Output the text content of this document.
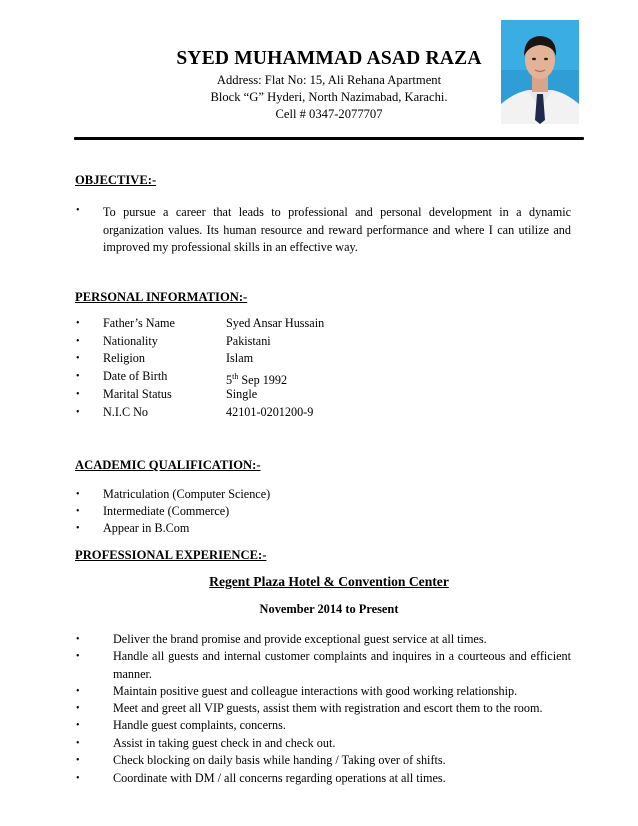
SYED MUHAMMAD ASAD RAZA
Address: Flat No: 15, Ali Rehana Apartment
Block “G” Hyderi, North Nazimabad, Karachi.
Cell # 0347-2077707
OBJECTIVE:-
• To pursue a career that leads to professional and personal development in a dynamic organization values. Its human resource and reward performance and where I can utilize and improved my professional skills in an effective way.
PERSONAL INFORMATION:-
• Father’s Name	Syed Ansar Hussain
• Nationality	Pakistani
• Religion	Islam
• Date of Birth	5th Sep 1992
• Marital Status	Single
• N.I.C No	42101-0201200-9
ACADEMIC QUALIFICATION:-
• Matriculation (Computer Science)
• Intermediate (Commerce)
• Appear in B.Com
PROFESSIONAL EXPERIENCE:-
Regent Plaza Hotel & Convention Center
November 2014 to Present
•	Deliver the brand promise and provide exceptional guest service at all times.
•	Handle all guests and internal customer complaints and inquires in a courteous and efficient manner.
•	Maintain positive guest and colleague interactions with good working relationship.
•	Meet and greet all VIP guests, assist them with registration and escort them to the room.
•	Handle guest complaints, concerns.
•	Assist in taking guest check in and check out.
•	Check blocking on daily basis while handing / Taking over of shifts.
•	Coordinate with DM / all concerns regarding operations at all times.
